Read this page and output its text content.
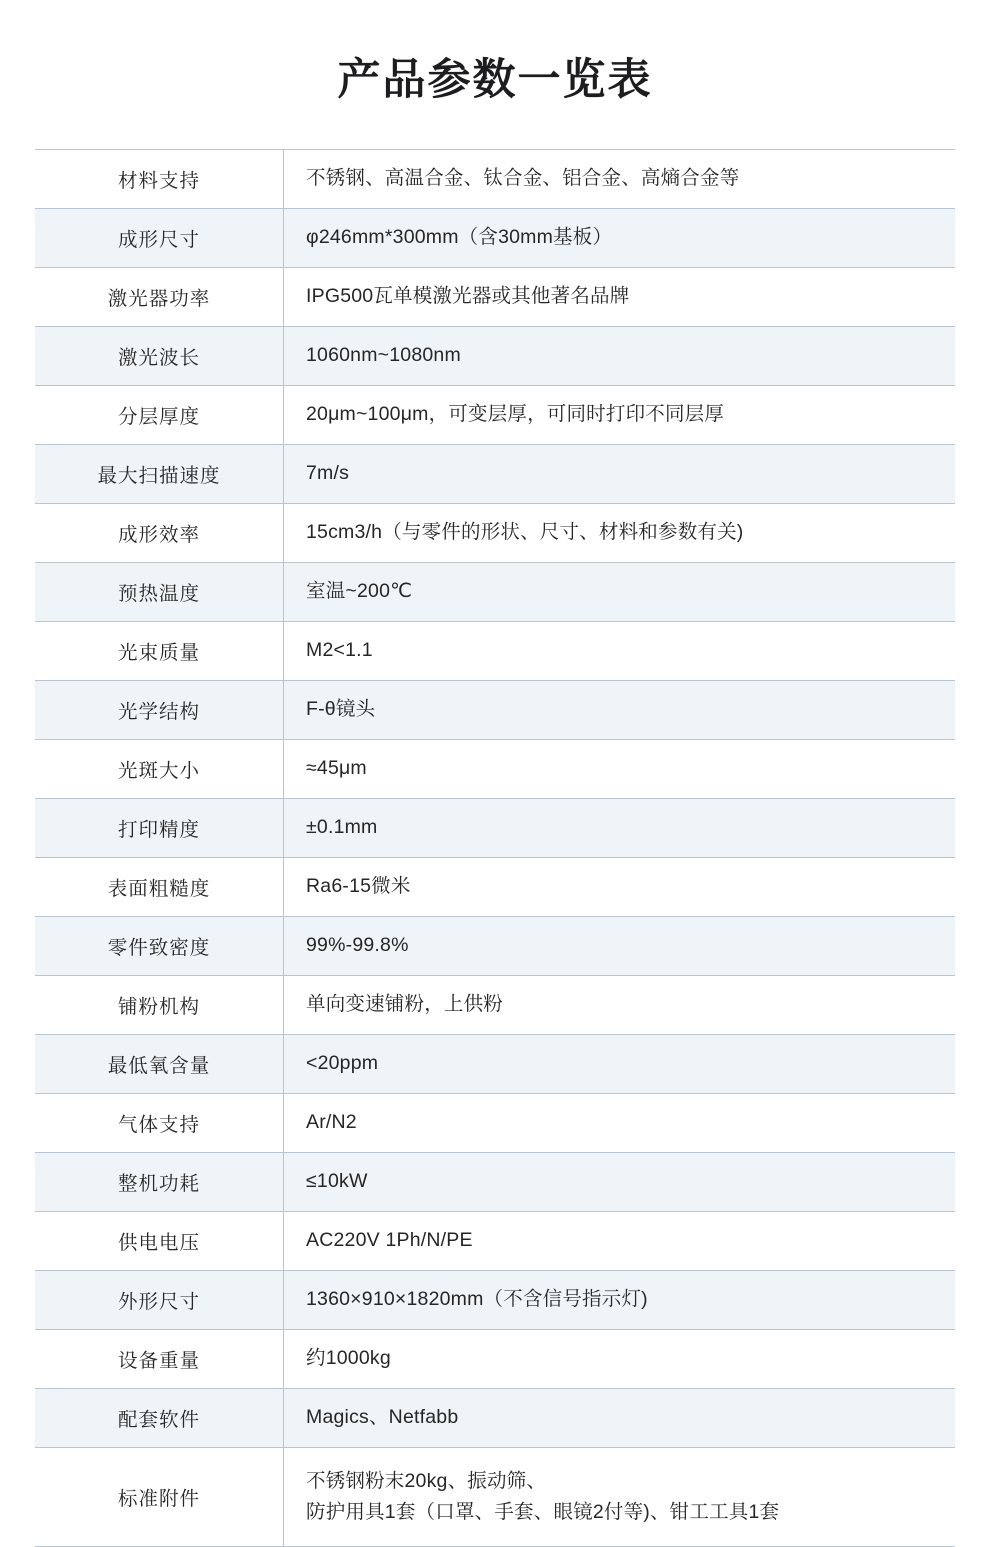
产品参数一览表
材料支持	不锈钢、高温合金、钛合金、铝合金、高熵合金等

成形尺寸	φ246mm*300mm（含30mm基板）

激光器功率	IPG500瓦单模激光器或其他著名品牌

激光波长	1060nm~1080nm

分层厚度	20μm~100μm，可变层厚，可同时打印不同层厚

最大扫描速度	7m/s

成形效率	15cm3/h（与零件的形状、尺寸、材料和参数有关)

预热温度	室温~200℃

光束质量	M2<1.1

光学结构	F-θ镜头

光斑大小	≈45μm

打印精度	±0.1mm

表面粗糙度	Ra6-15微米

零件致密度	99%-99.8%

铺粉机构	单向变速铺粉，上供粉

最低氧含量	<20ppm

气体支持	Ar/N2

整机功耗	≤10kW

供电电压	AC220V 1Ph/N/PE

外形尺寸	1360×910×1820mm（不含信号指示灯)

设备重量	约1000kg

配套软件	Magics、Netfabb

标准附件	不锈钢粉末20kg、振动筛、
防护用具1套（口罩、手套、眼镜2付等)、钳工工具1套
